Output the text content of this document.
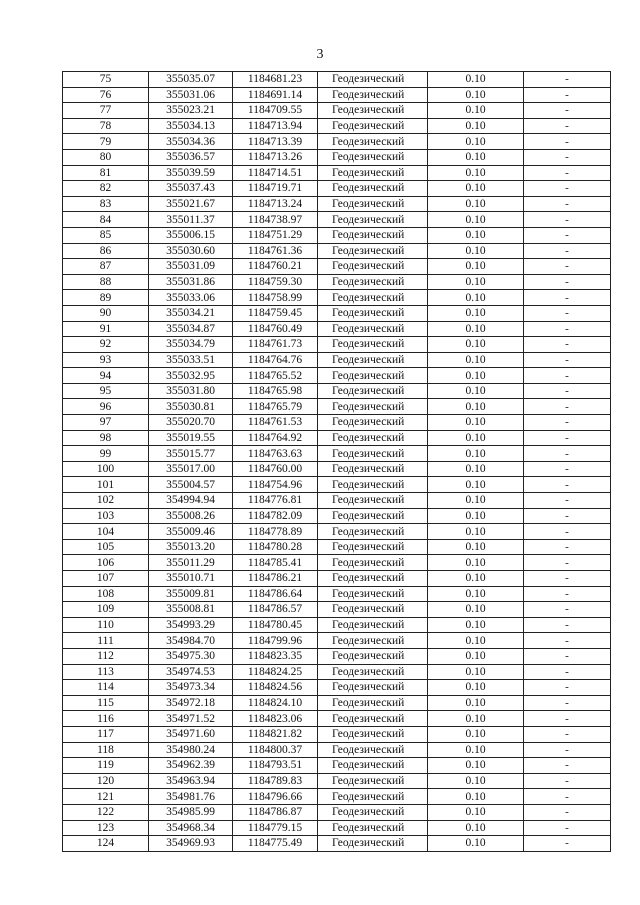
3
75	355035.07	1184681.23	Геодезический	0.10	-
76	355031.06	1184691.14	Геодезический	0.10	-
77	355023.21	1184709.55	Геодезический	0.10	-
78	355034.13	1184713.94	Геодезический	0.10	-
79	355034.36	1184713.39	Геодезический	0.10	-
80	355036.57	1184713.26	Геодезический	0.10	-
81	355039.59	1184714.51	Геодезический	0.10	-
82	355037.43	1184719.71	Геодезический	0.10	-
83	355021.67	1184713.24	Геодезический	0.10	-
84	355011.37	1184738.97	Геодезический	0.10	-
85	355006.15	1184751.29	Геодезический	0.10	-
86	355030.60	1184761.36	Геодезический	0.10	-
87	355031.09	1184760.21	Геодезический	0.10	-
88	355031.86	1184759.30	Геодезический	0.10	-
89	355033.06	1184758.99	Геодезический	0.10	-
90	355034.21	1184759.45	Геодезический	0.10	-
91	355034.87	1184760.49	Геодезический	0.10	-
92	355034.79	1184761.73	Геодезический	0.10	-
93	355033.51	1184764.76	Геодезический	0.10	-
94	355032.95	1184765.52	Геодезический	0.10	-
95	355031.80	1184765.98	Геодезический	0.10	-
96	355030.81	1184765.79	Геодезический	0.10	-
97	355020.70	1184761.53	Геодезический	0.10	-
98	355019.55	1184764.92	Геодезический	0.10	-
99	355015.77	1184763.63	Геодезический	0.10	-
100	355017.00	1184760.00	Геодезический	0.10	-
101	355004.57	1184754.96	Геодезический	0.10	-
102	354994.94	1184776.81	Геодезический	0.10	-
103	355008.26	1184782.09	Геодезический	0.10	-
104	355009.46	1184778.89	Геодезический	0.10	-
105	355013.20	1184780.28	Геодезический	0.10	-
106	355011.29	1184785.41	Геодезический	0.10	-
107	355010.71	1184786.21	Геодезический	0.10	-
108	355009.81	1184786.64	Геодезический	0.10	-
109	355008.81	1184786.57	Геодезический	0.10	-
110	354993.29	1184780.45	Геодезический	0.10	-
111	354984.70	1184799.96	Геодезический	0.10	-
112	354975.30	1184823.35	Геодезический	0.10	-
113	354974.53	1184824.25	Геодезический	0.10	-
114	354973.34	1184824.56	Геодезический	0.10	-
115	354972.18	1184824.10	Геодезический	0.10	-
116	354971.52	1184823.06	Геодезический	0.10	-
117	354971.60	1184821.82	Геодезический	0.10	-
118	354980.24	1184800.37	Геодезический	0.10	-
119	354962.39	1184793.51	Геодезический	0.10	-
120	354963.94	1184789.83	Геодезический	0.10	-
121	354981.76	1184796.66	Геодезический	0.10	-
122	354985.99	1184786.87	Геодезический	0.10	-
123	354968.34	1184779.15	Геодезический	0.10	-
124	354969.93	1184775.49	Геодезический	0.10	-
